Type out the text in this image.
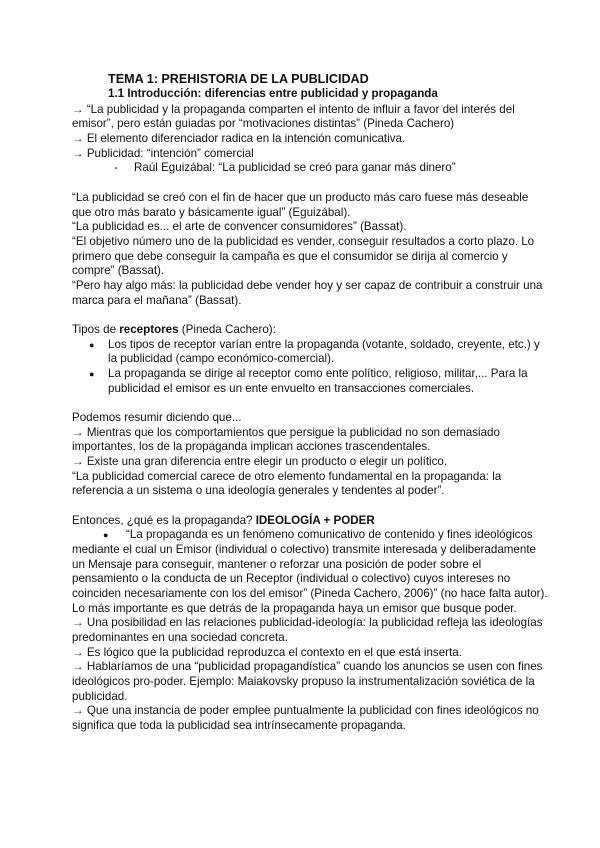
TEMA 1: PREHISTORIA DE LA PUBLICIDAD
1.1 Introducción: diferencias entre publicidad y propaganda
→ “La publicidad y la propaganda comparten el intento de influir a favor del interés del
emisor”, pero están guiadas por “motivaciones distintas” (Pineda Cachero)
→ El elemento diferenciador radica en la intención comunicativa.
→ Publicidad: “intención” comercial
- Raúl Eguizábal: “La publicidad se creó para ganar más dinero”
“La publicidad se creó con el fin de hacer que un producto más caro fuese más deseable
que otro más barato y básicamente igual” (Eguizábal).
“La publicidad es... el arte de convencer consumidores” (Bassat).
“El objetivo número uno de la publicidad es vender, conseguir resultados a corto plazo. Lo
primero que debe conseguir la campaña es que el consumidor se dirija al comercio y
compre” (Bassat).
“Pero hay algo más: la publicidad debe vender hoy y ser capaz de contribuir a construir una
marca para el mañana” (Bassat).
Tipos de receptores (Pineda Cachero):
● Los tipos de receptor varían entre la propaganda (votante, soldado, creyente, etc.) y
la publicidad (campo económico-comercial).
● La propaganda se dirige al receptor como ente político, religioso, militar,... Para la
publicidad el emisor es un ente envuelto en transacciones comerciales.
Podemos resumir diciendo que...
→ Mientras que los comportamientos que persigue la publicidad no son demasiado
importantes, los de la propaganda implican acciones trascendentales.
→ Existe una gran diferencia entre elegir un producto o elegir un político.
“La publicidad comercial carece de otro elemento fundamental en la propaganda: la
referencia a un sistema o una ideología generales y tendentes al poder”.
Entonces, ¿qué es la propaganda? IDEOLOGÍA + PODER
● “La propaganda es un fenómeno comunicativo de contenido y fines ideológicos
mediante el cual un Emisor (individual o colectivo) transmite interesada y deliberadamente
un Mensaje para conseguir, mantener o reforzar una posición de poder sobre el
pensamiento o la conducta de un Receptor (individual o colectivo) cuyos intereses no
coinciden necesariamente con los del emisor” (Pineda Cachero, 2006)” (no hace falta autor).
Lo más importante es que detrás de la propaganda haya un emisor que busque poder.
→ Una posibilidad en las relaciones publicidad-ideología: la publicidad refleja las ideologías
predominantes en una sociedad concreta.
→ Es lógico que la publicidad reproduzca el contexto en el que está inserta.
→ Hablaríamos de una “publicidad propagandística” cuando los anuncios se usen con fines
ideológicos pro-poder. Ejemplo: Maiakovsky propuso la instrumentalización soviética de la
publicidad.
→ Que una instancia de poder emplee puntualmente la publicidad con fines ideológicos no
significa que toda la publicidad sea intrínsecamente propaganda.
